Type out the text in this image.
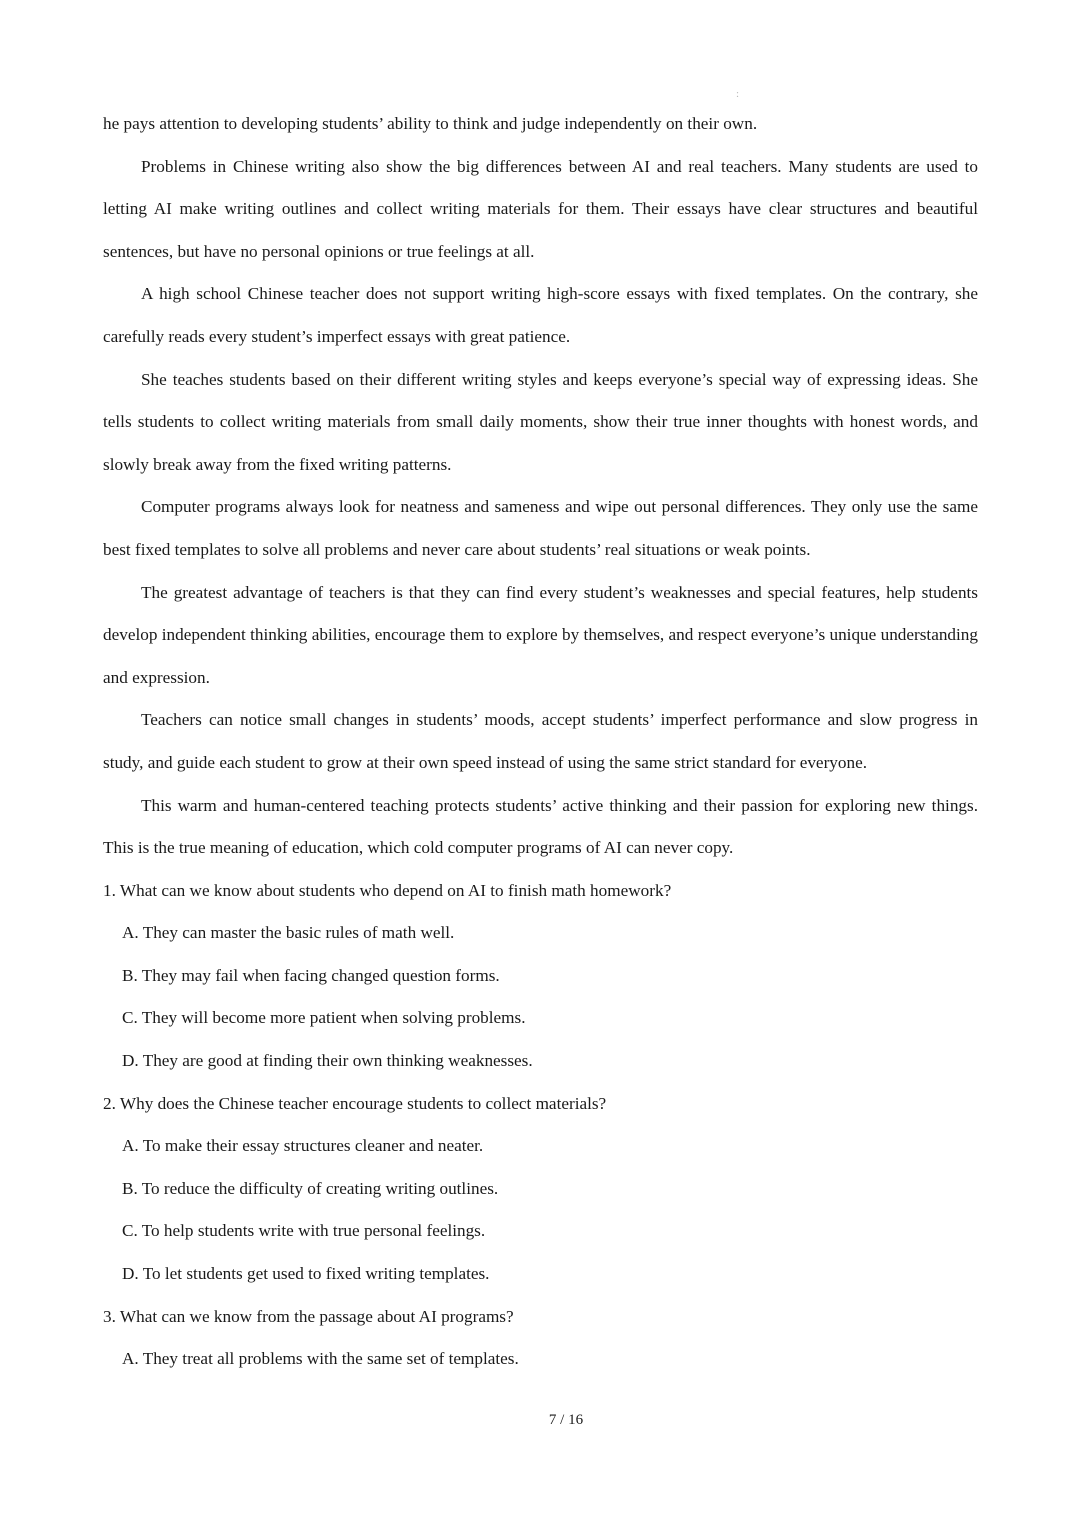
:

he pays attention to developing students’ ability to think and judge independently on their own.

Problems in Chinese writing also show the big differences between AI and real teachers. Many students are used to letting AI make writing outlines and collect writing materials for them. Their essays have clear structures and beautiful sentences, but have no personal opinions or true feelings at all.

A high school Chinese teacher does not support writing high-score essays with fixed templates. On the contrary, she carefully reads every student’s imperfect essays with great patience.

She teaches students based on their different writing styles and keeps everyone’s special way of expressing ideas. She tells students to collect writing materials from small daily moments, show their true inner thoughts with honest words, and slowly break away from the fixed writing patterns.

Computer programs always look for neatness and sameness and wipe out personal differences. They only use the same best fixed templates to solve all problems and never care about students’ real situations or weak points.

The greatest advantage of teachers is that they can find every student’s weaknesses and special features, help students develop independent thinking abilities, encourage them to explore by themselves, and respect everyone’s unique understanding and expression.

Teachers can notice small changes in students’ moods, accept students’ imperfect performance and slow progress in study, and guide each student to grow at their own speed instead of using the same strict standard for everyone.

This warm and human-centered teaching protects students’ active thinking and their passion for exploring new things. This is the true meaning of education, which cold computer programs of AI can never copy.

1. What can we know about students who depend on AI to finish math homework?

A. They can master the basic rules of math well.

B. They may fail when facing changed question forms.

C. They will become more patient when solving problems.

D. They are good at finding their own thinking weaknesses.

2. Why does the Chinese teacher encourage students to collect materials?

A. To make their essay structures cleaner and neater.

B. To reduce the difficulty of creating writing outlines.

C. To help students write with true personal feelings.

D. To let students get used to fixed writing templates.

3. What can we know from the passage about AI programs?

A. They treat all problems with the same set of templates.

7 / 16
